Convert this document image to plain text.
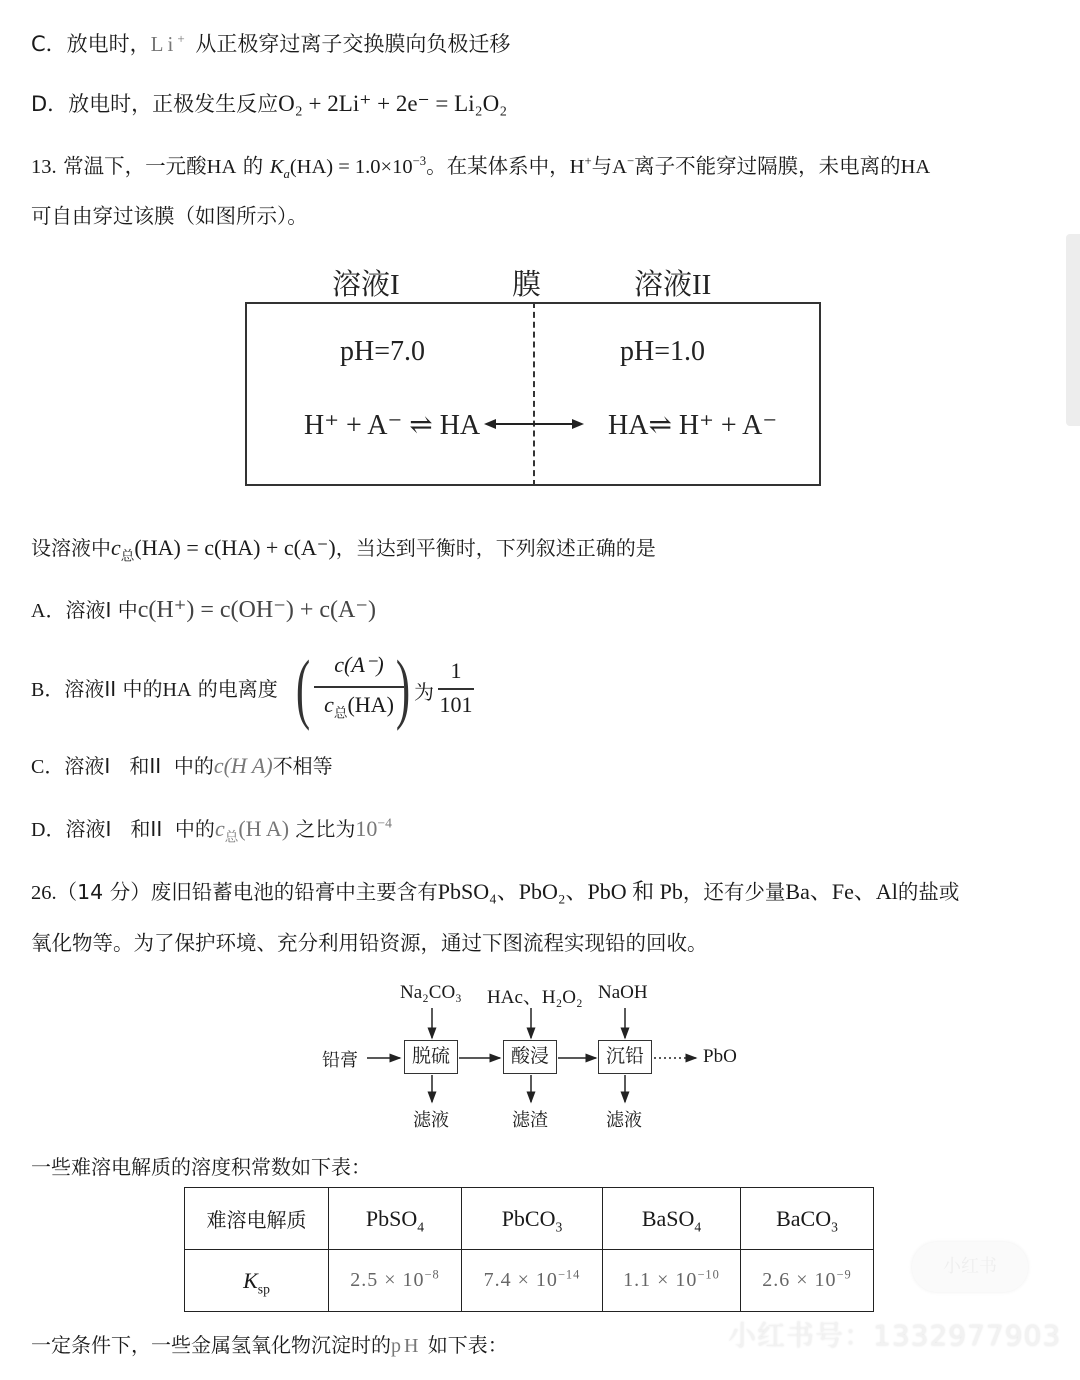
C．放电时，Li+ 从正极穿过离子交换膜向负极迁移
D．放电时，正极发生反应O₂ + 2Li⁺ + 2e⁻ = Li₂O₂
13. 常温下，一元酸HA 的 $K_a(HA) = 1.0\times 10^{-3}$。在某体系中，H+与A−离子不能穿过隔膜，未电离的HA
可自由穿过该膜（如图所示）。
溶液I	膜	溶液II
pH=7.0	pH=1.0
H⁺ + A⁻ ⇌ HA	HA⇌ H⁺ + A⁻
设溶液中$c_总(HA) = c(HA) + c(A^-)$，当达到平衡时，下列叙述正确的是
A．溶液I 中c(H⁺) = c(OH⁻) + c(A⁻)
B．溶液II 中的HA 的电离度 (	c(A⁻)
$c_总(HA)$ ) 为
1
101
C．溶液I   和II  中的c(H A)不相等
D．溶液I   和II  中的$c_总(H$ A) 之比为$10^{-4}$
26.（14 分）废旧铅蓄电池的铅膏中主要含有PbSO₄、PbO₂、PbO 和 Pb，还有少量Ba、Fe、Al的盐或
氧化物等。为了保护环境、充分利用铅资源，通过下图流程实现铅的回收。
铅膏	脱硫	酸浸	沉铅
Na₂CO₃ HAc、H₂O₂ NaOH
滤液	滤渣	滤液
PbO
一些难溶电解质的溶度积常数如下表：
难溶电解质	PbSO$_4$	PbCO$_3$	BaSO$_4$	BaCO$_3$
$K_{sp}$	$2.5 \times 10^{-8}$	$7.4 \times 10^{-14}$	$1.1 \times 10^{-10}$	$2.6 \times 10^{-9}$
一定条件下，一些金属氢氧化物沉淀时的pH 如下表：
小红书
小红书号：1332977903
